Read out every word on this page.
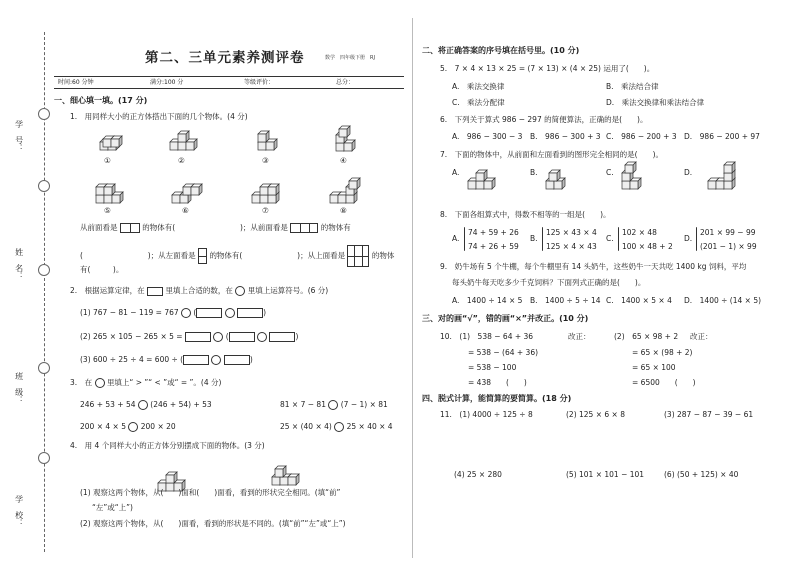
学　号：
姓　名：
班　级：
学　校：
第二、三单元素养测评卷	数学　四年级下册　RJ
时间:60 分钟	满分:100 分	等级评价：	总分：
一、细心填一填。(17 分)
1.　用同样大小的正方体搭出下面的几个物体。(4 分)
①	②	③	④
⑤	⑥	⑦	⑧
从前面看是	的物体有(	)；从前面看是	的物体有
(	)；从左面看是 的物体有(	)；从上面看是	的物体
有(　　　)。
2.　根据运算定律，在	里填上合适的数，在 里填上运算符号。(6 分)
(1) 767 − 81 − 119 = 767  (	)
(2) 265 × 105 − 265 × 5 =	(	)
(3) 600 ÷ 25 ÷ 4 = 600 ÷ (	)
3.　在 里填上“ > ”“ < ”或“ = ”。(4 分)
246 + 53 + 54 (246 + 54) + 53	81 × 7 − 81 (7 − 1) × 81
200 × 4 × 5 200 × 20	25 × (40 × 4) 25 × 40 × 4
4.　用 4 个同样大小的正方体分别摆成下面的物体。(3 分)
(1) 观察这两个物体，从(　　)面和(　　)面看，看到的形状完全相同。(填“前”
“左”或“上”)
(2) 观察这两个物体，从(　　)面看，看到的形状是不同的。(填“前”“左”或“上”)
二、将正确答案的序号填在括号里。(10 分)
5.　7 × 4 × 13 × 25 = (7 × 13) × (4 × 25) 运用了(　　)。
A.　乘法交换律	B.　乘法结合律
C.　乘法分配律	D.　乘法交换律和乘法结合律
6.　下列关于算式 986 − 297 的简便算法，正确的是(　　)。
A.　986 − 300 − 3 B.　986 − 300 + 3 C.　986 − 200 + 3 D.　986 − 200 + 97
7.　下面的物体中，从前面和左面看到的图形完全相同的是(　　)。
A.	B.	C.	D.
8.　下面各组算式中，得数不相等的一组是(　　)。
A.
74 + 59 + 26
74 + 26 + 59
B.
125 × 43 × 4
125 × 4 × 43
C.
102 × 48
100 × 48 + 2
D.
201 × 99 − 99
(201 − 1) × 99
9.　奶牛场有 5 个牛棚，每个牛棚里有 14 头奶牛，这些奶牛一天共吃 1400 kg 饲料，平均
每头奶牛每天吃多少千克饲料？下面列式正确的是(　　)。
A.　1400 ÷ 14 × 5 B.　1400 ÷ 5 ÷ 14 C.　1400 × 5 × 4 D.　1400 ÷ (14 × 5)
三、对的画“√”，错的画“×”并改正。(10 分)
10.　(1)　538 − 64 + 36
= 538 − (64 + 36)
= 538 − 100
= 438　　(　　)
改正：	(2)　65 × 98 + 2
= 65 × (98 + 2)
= 65 × 100
= 6500　　(　　)
改正：
四、脱式计算，能简算的要简算。(18 分)
11.　(1) 4000 ÷ 125 ÷ 8	(2) 125 × 6 × 8	(3) 287 − 87 − 39 − 61
(4) 25 × 280	(5) 101 × 101 − 101	(6) (50 + 125) × 40
